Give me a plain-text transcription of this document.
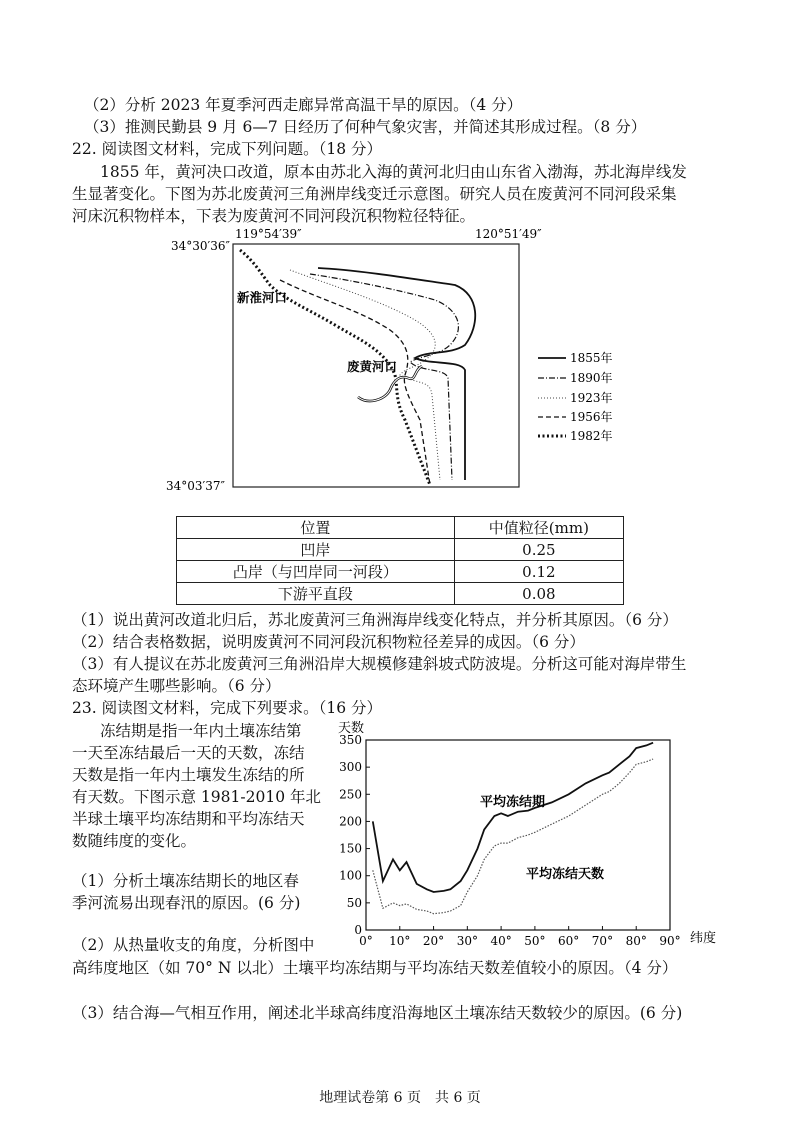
（2）分析 2023 年夏季河西走廊异常高温干旱的原因。（4 分）
（3）推测民勤县 9 月 6—7 日经历了何种气象灾害，并简述其形成过程。（8 分）
22. 阅读图文材料，完成下列问题。（18 分）
1855 年，黄河决口改道，原本由苏北入海的黄河北归由山东省入渤海，苏北海岸线发
生显著变化。下图为苏北废黄河三角洲岸线变迁示意图。研究人员在废黄河不同河段采集
河床沉积物样本，下表为废黄河不同河段沉积物粒径特征。
119°54′39″	120°51′49″
34°30′36″
34°03′37″
新淮河口
废黄河口
1855年
1890年
1923年
1956年
1982年
位置	中值粒径(mm)
凹岸	0.25
凸岸（与凹岸同一河段）	0.12
下游平直段	0.08
（1）说出黄河改道北归后，苏北废黄河三角洲海岸线变化特点，并分析其原因。（6 分）
（2）结合表格数据，说明废黄河不同河段沉积物粒径差异的成因。（6 分）
（3）有人提议在苏北废黄河三角洲沿岸大规模修建斜坡式防波堤。分析这可能对海岸带生
态环境产生哪些影响。（6 分）
23. 阅读图文材料，完成下列要求。（16 分）
冻结期是指一年内土壤冻结第
一天至冻结最后一天的天数，冻结
天数是指一年内土壤发生冻结的所
有天数。下图示意 1981-2010 年北
半球土壤平均冻结期和平均冻结天
数随纬度的变化。
（1）分析土壤冻结期长的地区春
季河流易出现春汛的原因。(6 分)
0
50
100
150
200
250
300
350
0° 10° 20° 30° 40° 50° 60° 70° 80° 90°
天数
纬度
平均冻结期
平均冻结天数
（2）从热量收支的角度，分析图中
高纬度地区（如 70° N 以北）土壤平均冻结期与平均冻结天数差值较小的原因。（4 分）
（3）结合海—气相互作用，阐述北半球高纬度沿海地区土壤冻结天数较少的原因。(6 分)
地理试卷第 6 页　共 6 页
